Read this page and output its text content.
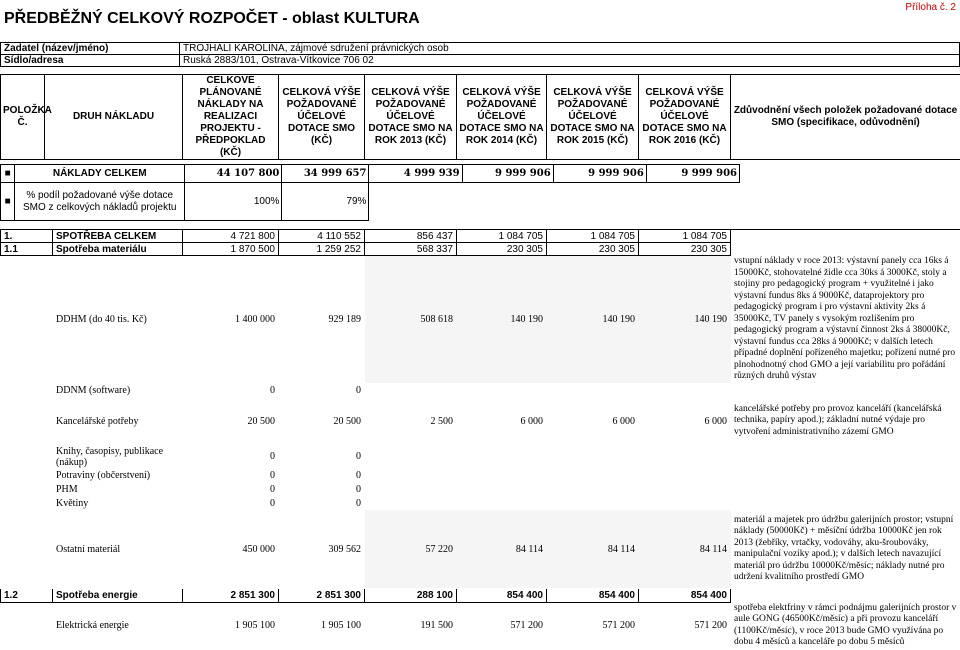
PŘEDBĚŽNÝ CELKOVÝ ROZPOČET - oblast KULTURA
Příloha č. 2
Žadatel (název/jméno)	TROJHALÍ KAROLINA, zájmové sdružení právnických osob
Sídlo/adresa	Ruská 2883/101, Ostrava-Vítkovice 706 02
POLOŽKA Č.	DRUH NÁKLADU	CELKOVÉ PLÁNOVANÉ NÁKLADY NA REALIZACI PROJEKTU - PŘEDPOKLAD (KČ)	CELKOVÁ VÝŠE POŽADOVANÉ ÚČELOVÉ DOTACE SMO (KČ)	CELKOVÁ VÝŠE POŽADOVANÉ ÚČELOVÉ DOTACE SMO NA ROK 2013 (KČ)	CELKOVÁ VÝŠE POŽADOVANÉ ÚČELOVÉ DOTACE SMO NA ROK 2014 (KČ)	CELKOVÁ VÝŠE POŽADOVANÉ ÚČELOVÉ DOTACE SMO NA ROK 2015 (KČ)	CELKOVÁ VÝŠE POŽADOVANÉ ÚČELOVÉ DOTACE SMO NA ROK 2016 (KČ)	Zdůvodnění všech položek požadované dotace SMO (specifikace, odůvodnění)
■	NÁKLADY CELKEM	44 107 800	34 999 657	4 999 939	9 999 906	9 999 906	9 999 906
■	% podíl požadované výše dotace SMO z celkových nákladů projektu	100%	79%				
1.	SPOTŘEBA CELKEM	4 721 800	4 110 552	856 437	1 084 705	1 084 705	1 084 705	
1.1	Spotřeba materiálu	1 870 500	1 259 252	568 337	230 305	230 305	230 305	
	DDHM (do 40 tis. Kč)	1 400 000	929 189	508 618	140 190	140 190	140 190	vstupní náklady v roce 2013: výstavní panely cca 16ks á 15000Kč, stohovatelné židle cca 30ks á 3000Kč, stoly a stojiny pro pedagogický program + využitelné i jako výstavní fundus 8ks á 9000Kč, dataprojektory pro pedagogický program i pro výstavní aktivity 2ks á 35000Kč, TV panely s vysokým rozlišením pro pedagogický program a výstavní činnost 2ks á 38000Kč, výstavní fundus cca 28ks á 9000Kč; v dalších letech případné doplnění pořízeného majetku; pořízení nutné pro plnohodnotný chod GMO a její variabilitu pro pořádání různých druhů výstav
	DDNM (software)	0	0					
	Kancelářské potřeby	20 500	20 500	2 500	6 000	6 000	6 000	kancelářské potřeby pro provoz kanceláří (kancelářská technika, papíry apod.); základní nutné výdaje pro vytvoření administrativního zázemí GMO
	Knihy, časopisy, publikace (nákup)	0	0					
	Potraviny (občerstvení)	0	0					
	PHM	0	0					
	Květiny	0	0					
	Ostatní materiál	450 000	309 562	57 220	84 114	84 114	84 114	materiál a majetek pro údržbu galerijních prostor; vstupní náklady (50000Kč) + měsíční údržba 10000Kč jen rok 2013 (žebříky, vrtačky, vodováhy, aku-šroubováky, manipulační vozíky apod.); v dalších letech navazující materiál pro údržbu 10000Kč/měsíc; náklady nutné pro udržení kvalitního prostředí GMO
1.2	Spotřeba energie	2 851 300	2 851 300	288 100	854 400	854 400	854 400	
	Elektrická energie	1 905 100	1 905 100	191 500	571 200	571 200	571 200	spotřeba elektfriny v rámci podnájmu galerijních prostor v aule GONG (46500Kč/měsíc) a při provozu kanceláří (1100Kč/měsíc), v roce 2013 bude GMO využívána po dobu 4 měsíců a kanceláře po dobu 5 měsíců
